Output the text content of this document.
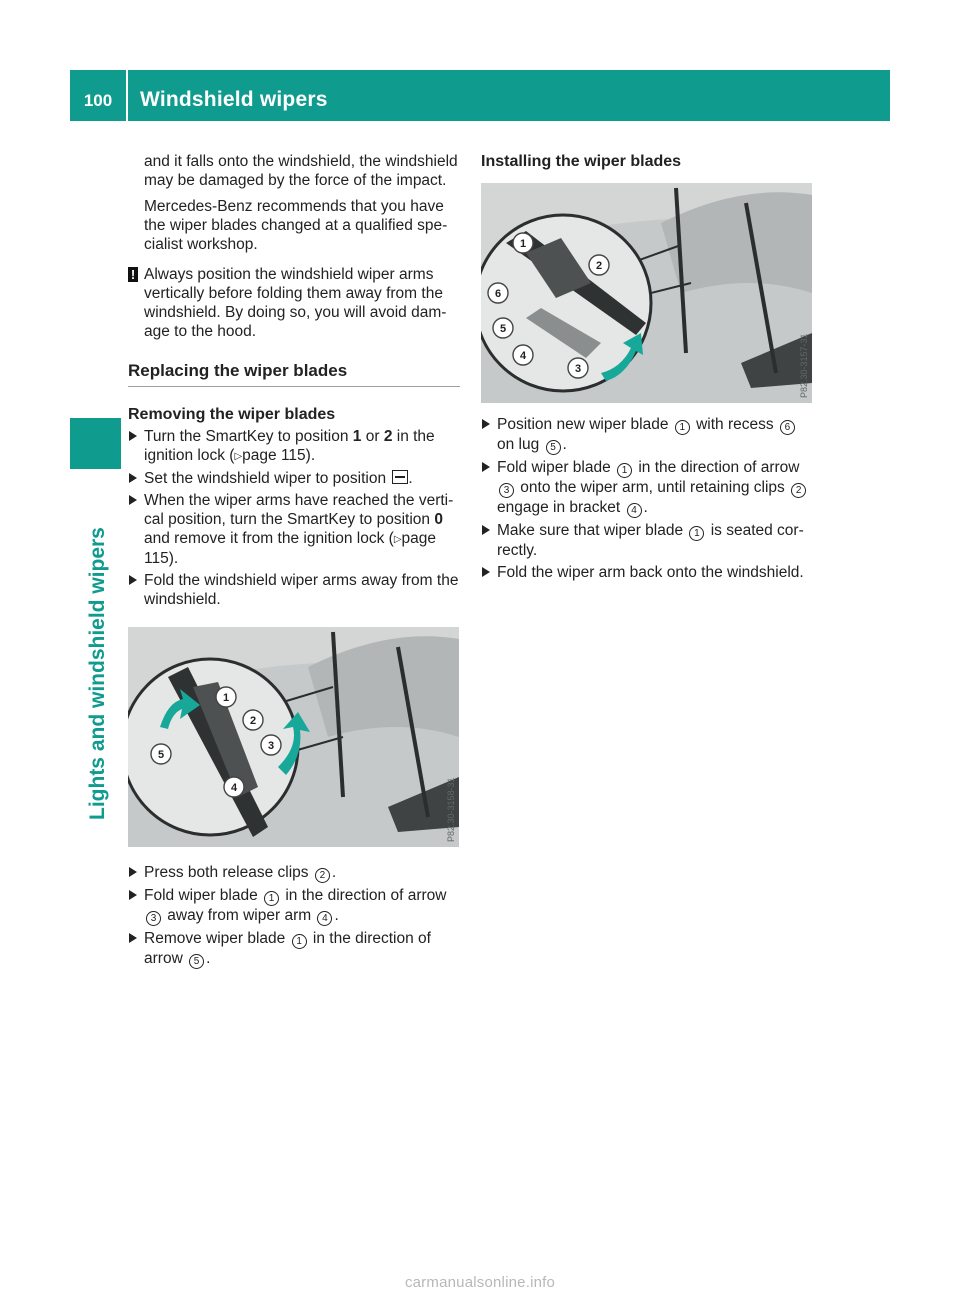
100	Windshield wipers
Lights and windshield wipers

and it falls onto the windshield, the windshield may be damaged by the force of the impact.

Mercedes-Benz recommends that you have the wiper blades changed at a qualified spe- cialist workshop.

! Always position the windshield wiper arms vertically before folding them away from the windshield. By doing so, you will avoid dam- age to the hood.
Replacing the wiper blades
Removing the wiper blades
Turn the SmartKey to position 1 or 2 in the ignition lock (▷page 115).
Set the windshield wiper to position .
When the wiper arms have reached the verti- cal position, turn the SmartKey to position 0 and remove it from the ignition lock (▷page 115).
Fold the windshield wiper arms away from the windshield.
1
2
3
4
5
P82.30-3158-31
Press both release clips 2 .
Fold wiper blade 1 in the direction of arrow 3 away from wiper arm 4 .
Remove wiper blade 1 in the direction of arrow 5 .
Installing the wiper blades
1
2
3
4
5
6
P82.30-3157-31
Position new wiper blade 1 with recess 6 on lug 5 .
Fold wiper blade 1 in the direction of arrow 3 onto the wiper arm, until retaining clips 2 engage in bracket 4 .
Make sure that wiper blade 1 is seated cor- rectly.
Fold the wiper arm back onto the windshield.
carmanualsonline.info
